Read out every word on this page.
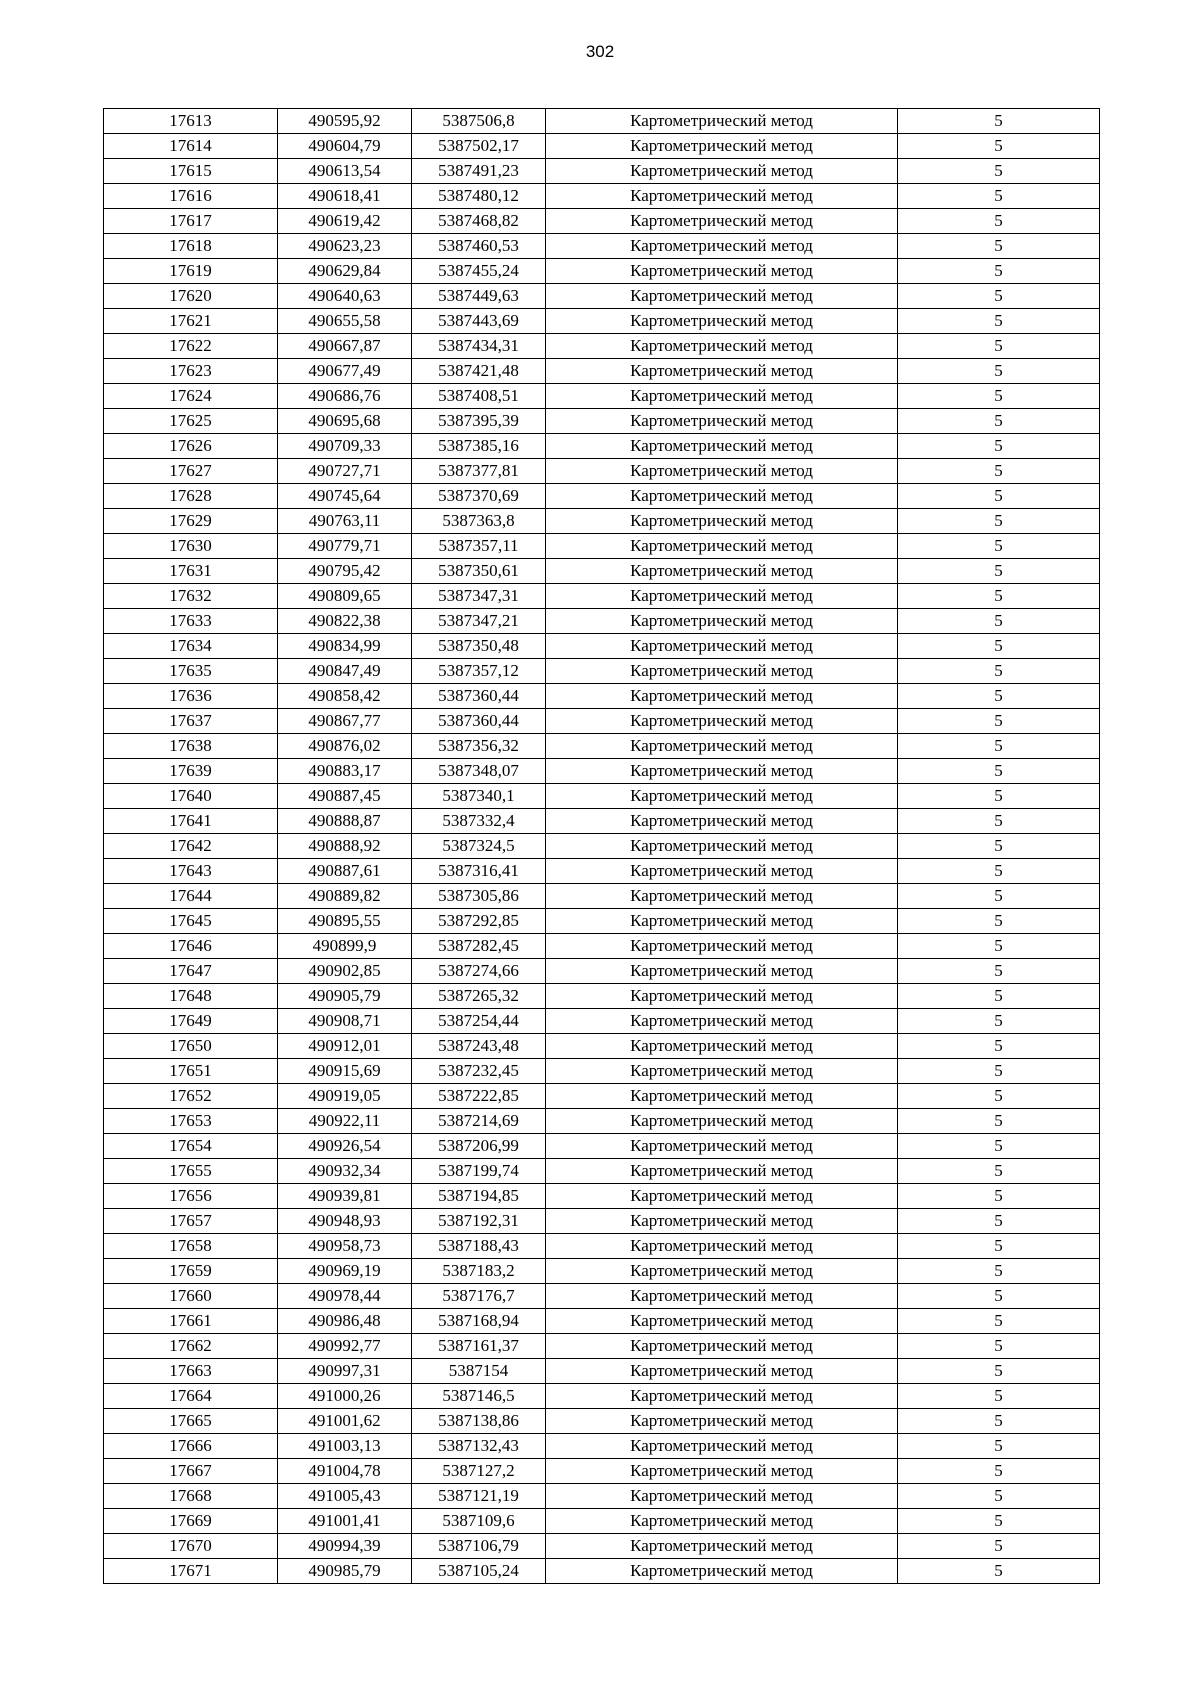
302
17613	490595,92	5387506,8	Картометрический метод	5
17614	490604,79	5387502,17	Картометрический метод	5
17615	490613,54	5387491,23	Картометрический метод	5
17616	490618,41	5387480,12	Картометрический метод	5
17617	490619,42	5387468,82	Картометрический метод	5
17618	490623,23	5387460,53	Картометрический метод	5
17619	490629,84	5387455,24	Картометрический метод	5
17620	490640,63	5387449,63	Картометрический метод	5
17621	490655,58	5387443,69	Картометрический метод	5
17622	490667,87	5387434,31	Картометрический метод	5
17623	490677,49	5387421,48	Картометрический метод	5
17624	490686,76	5387408,51	Картометрический метод	5
17625	490695,68	5387395,39	Картометрический метод	5
17626	490709,33	5387385,16	Картометрический метод	5
17627	490727,71	5387377,81	Картометрический метод	5
17628	490745,64	5387370,69	Картометрический метод	5
17629	490763,11	5387363,8	Картометрический метод	5
17630	490779,71	5387357,11	Картометрический метод	5
17631	490795,42	5387350,61	Картометрический метод	5
17632	490809,65	5387347,31	Картометрический метод	5
17633	490822,38	5387347,21	Картометрический метод	5
17634	490834,99	5387350,48	Картометрический метод	5
17635	490847,49	5387357,12	Картометрический метод	5
17636	490858,42	5387360,44	Картометрический метод	5
17637	490867,77	5387360,44	Картометрический метод	5
17638	490876,02	5387356,32	Картометрический метод	5
17639	490883,17	5387348,07	Картометрический метод	5
17640	490887,45	5387340,1	Картометрический метод	5
17641	490888,87	5387332,4	Картометрический метод	5
17642	490888,92	5387324,5	Картометрический метод	5
17643	490887,61	5387316,41	Картометрический метод	5
17644	490889,82	5387305,86	Картометрический метод	5
17645	490895,55	5387292,85	Картометрический метод	5
17646	490899,9	5387282,45	Картометрический метод	5
17647	490902,85	5387274,66	Картометрический метод	5
17648	490905,79	5387265,32	Картометрический метод	5
17649	490908,71	5387254,44	Картометрический метод	5
17650	490912,01	5387243,48	Картометрический метод	5
17651	490915,69	5387232,45	Картометрический метод	5
17652	490919,05	5387222,85	Картометрический метод	5
17653	490922,11	5387214,69	Картометрический метод	5
17654	490926,54	5387206,99	Картометрический метод	5
17655	490932,34	5387199,74	Картометрический метод	5
17656	490939,81	5387194,85	Картометрический метод	5
17657	490948,93	5387192,31	Картометрический метод	5
17658	490958,73	5387188,43	Картометрический метод	5
17659	490969,19	5387183,2	Картометрический метод	5
17660	490978,44	5387176,7	Картометрический метод	5
17661	490986,48	5387168,94	Картометрический метод	5
17662	490992,77	5387161,37	Картометрический метод	5
17663	490997,31	5387154	Картометрический метод	5
17664	491000,26	5387146,5	Картометрический метод	5
17665	491001,62	5387138,86	Картометрический метод	5
17666	491003,13	5387132,43	Картометрический метод	5
17667	491004,78	5387127,2	Картометрический метод	5
17668	491005,43	5387121,19	Картометрический метод	5
17669	491001,41	5387109,6	Картометрический метод	5
17670	490994,39	5387106,79	Картометрический метод	5
17671	490985,79	5387105,24	Картометрический метод	5
